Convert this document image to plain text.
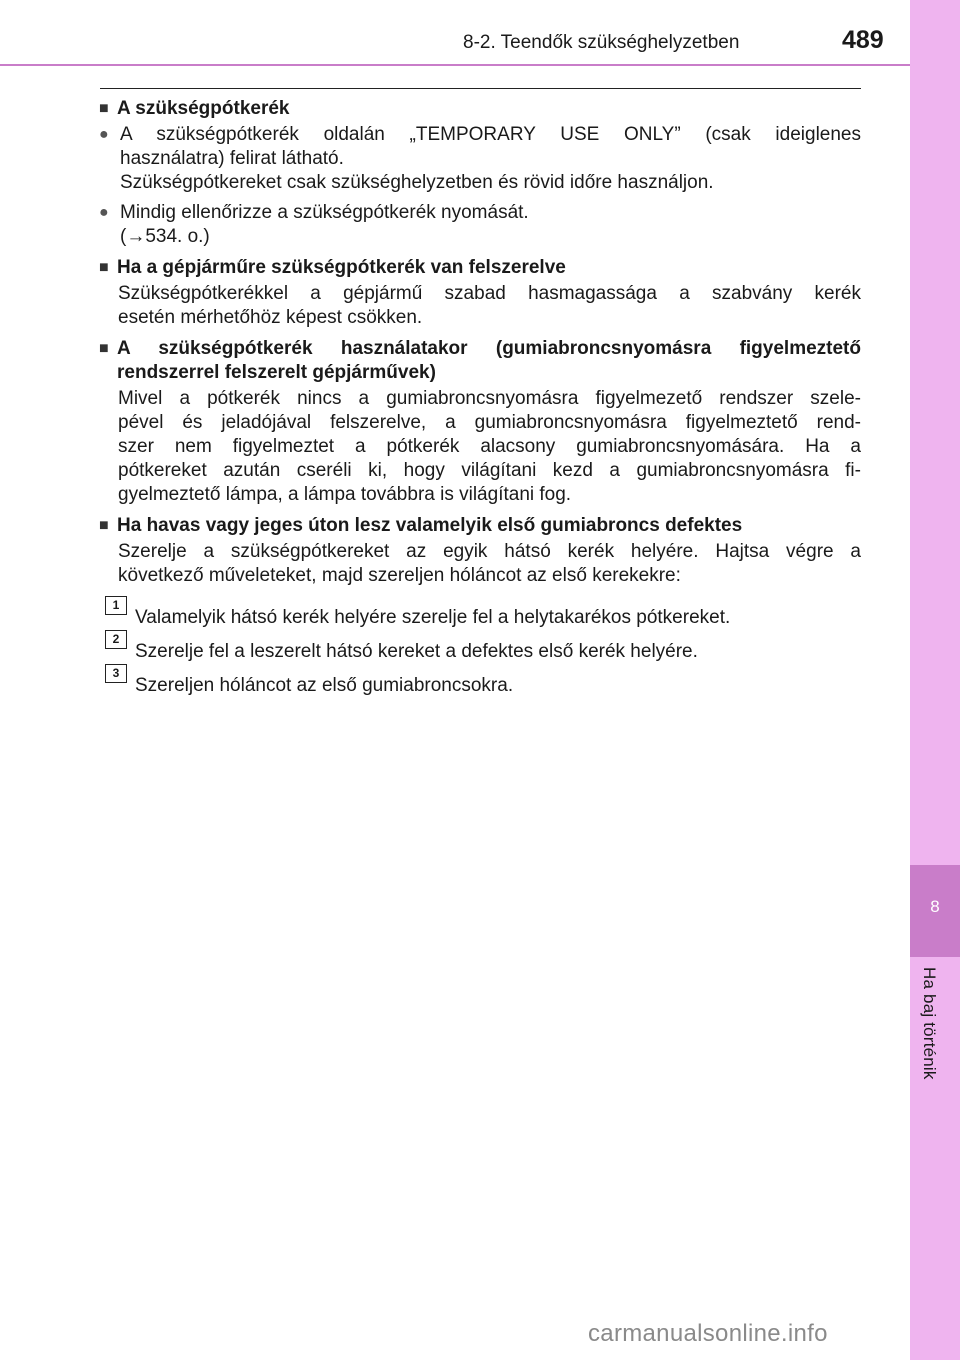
8
Ha baj történik
8-2. Teendők szükséghelyzetben	489
■ A szükségpótkerék
● A szükségpótkerék oldalán „TEMPORARY USE ONLY” (csak ideiglenes
használatra) felirat látható.
Szükségpótkereket csak szükséghelyzetben és rövid időre használjon.
● Mindig ellenőrizze a szükségpótkerék nyomását.
(→534. o.)
■ Ha a gépjárműre szükségpótkerék van felszerelve
Szükségpótkerékkel a gépjármű szabad hasmagassága a szabvány kerék
esetén mérhetőhöz képest csökken.
■ A szükségpótkerék használatakor (gumiabroncsnyomásra figyelmeztető
rendszerrel felszerelt gépjárművek)
Mivel a pótkerék nincs a gumiabroncsnyomásra figyelmezető rendszer szele-
pével és jeladójával felszerelve, a gumiabroncsnyomásra figyelmeztető rend-
szer nem figyelmeztet a pótkerék alacsony gumiabroncsnyomására. Ha a
pótkereket azután cseréli ki, hogy világítani kezd a gumiabroncsnyomásra fi-
gyelmeztető lámpa, a lámpa továbbra is világítani fog.
■ Ha havas vagy jeges úton lesz valamelyik első gumiabroncs defektes
Szerelje a szükségpótkereket az egyik hátsó kerék helyére. Hajtsa végre a
következő műveleteket, majd szereljen hóláncot az első kerekekre:
1
Valamelyik hátsó kerék helyére szerelje fel a helytakarékos pótkereket.
2
Szerelje fel a leszerelt hátsó kereket a defektes első kerék helyére.
3
Szereljen hóláncot az első gumiabroncsokra.
carmanualsonline.info
